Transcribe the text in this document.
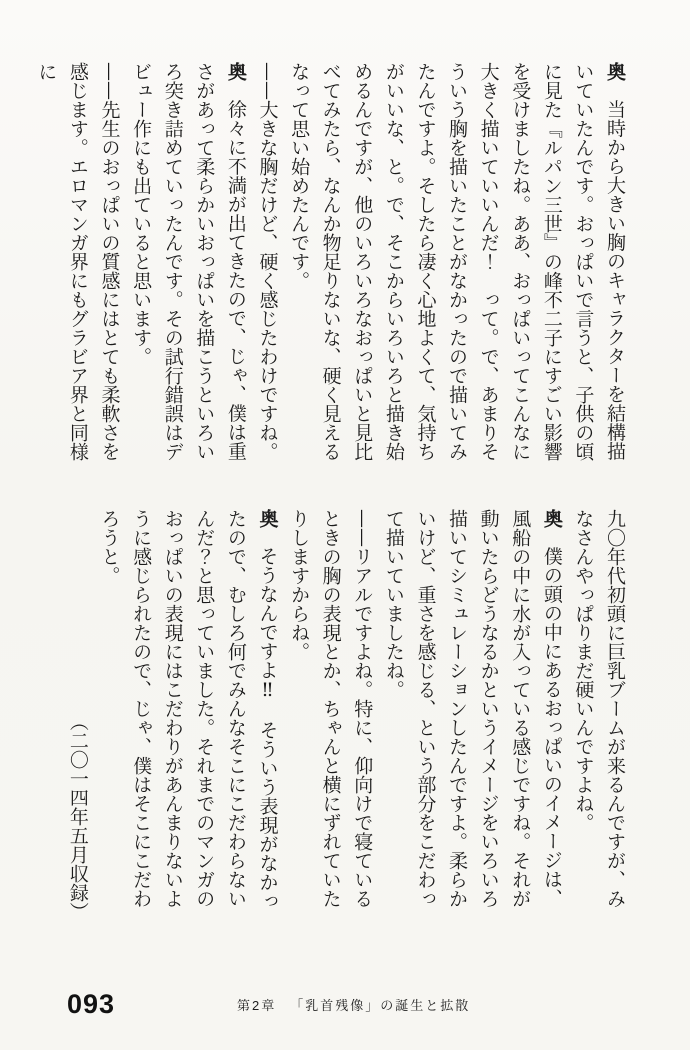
奥当時から大きい胸のキャラクターを結構描いていたんです。おっぱいで言うと、子供の頃に見た『ルパン三世』の峰不二子にすごい影響を受けましたね。ああ、おっぱいってこんなに大きく描いていいんだ！　って。で、あまりそういう胸を描いたことがなかったので描いてみたんですよ。そしたら凄く心地よくて、気持ちがいいな、と。で、そこからいろいろと描き始めるんですが、他のいろいろなおっぱいと見比べてみたら、なんか物足りないな、硬く見えるなって思い始めたんです。

——大きな胸だけど、硬く感じたわけですね。

奥徐々に不満が出てきたので、じゃ、僕は重さがあって柔らかいおっぱいを描こうといろいろ突き詰めていったんです。その試行錯誤はデビュー作にも出ていると思います。

——先生のおっぱいの質感にはとても柔軟さを感じます。エロマンガ界にもグラビア界と同様に

九〇年代初頭に巨乳ブームが来るんですが、みなさんやっぱりまだ硬いんですよね。

奥僕の頭の中にあるおっぱいのイメージは、風船の中に水が入っている感じですね。それが動いたらどうなるかというイメージをいろいろ描いてシミュレーションしたんですよ。柔らかいけど、重さを感じる、という部分をこだわって描いていましたね。

——リアルですよね。特に、仰向けで寝ているときの胸の表現とか、ちゃんと横にずれていたりしますからね。

奥そうなんですよ‼　そういう表現がなかったので、むしろ何でみんなそこにこだわらないんだ？と思っていました。それまでのマンガのおっぱいの表現にはこだわりがあんまりないように感じられたので、じゃ、僕はそこにこだわろうと。

（二〇一四年五月収録）

093	第2章 「乳首残像」の誕生と拡散
